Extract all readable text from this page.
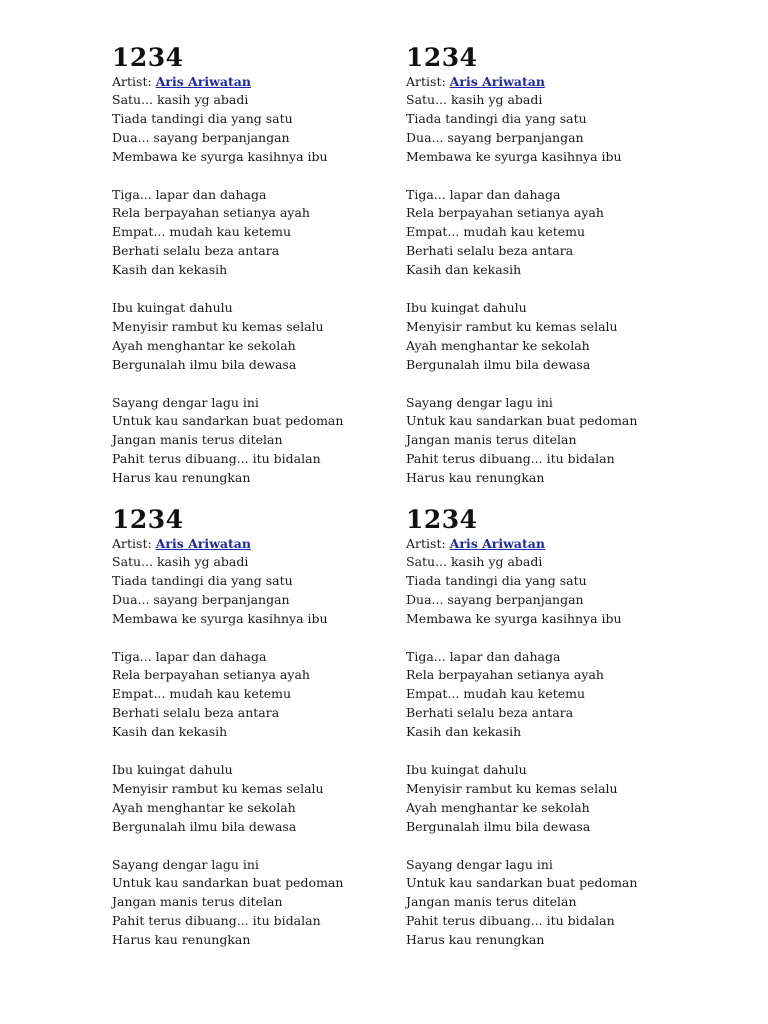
1234
Artist: Aris Ariwatan
Satu... kasih yg abadi
Tiada tandingi dia yang satu
Dua... sayang berpanjangan
Membawa ke syurga kasihnya ibu
Tiga... lapar dan dahaga
Rela berpayahan setianya ayah
Empat... mudah kau ketemu
Berhati selalu beza antara
Kasih dan kekasih
Ibu kuingat dahulu
Menyisir rambut ku kemas selalu
Ayah menghantar ke sekolah
Bergunalah ilmu bila dewasa
Sayang dengar lagu ini
Untuk kau sandarkan buat pedoman
Jangan manis terus ditelan
Pahit terus dibuang... itu bidalan
Harus kau renungkan
1234
Artist: Aris Ariwatan
Satu... kasih yg abadi
Tiada tandingi dia yang satu
Dua... sayang berpanjangan
Membawa ke syurga kasihnya ibu
Tiga... lapar dan dahaga
Rela berpayahan setianya ayah
Empat... mudah kau ketemu
Berhati selalu beza antara
Kasih dan kekasih
Ibu kuingat dahulu
Menyisir rambut ku kemas selalu
Ayah menghantar ke sekolah
Bergunalah ilmu bila dewasa
Sayang dengar lagu ini
Untuk kau sandarkan buat pedoman
Jangan manis terus ditelan
Pahit terus dibuang... itu bidalan
Harus kau renungkan
1234
Artist: Aris Ariwatan
Satu... kasih yg abadi
Tiada tandingi dia yang satu
Dua... sayang berpanjangan
Membawa ke syurga kasihnya ibu
Tiga... lapar dan dahaga
Rela berpayahan setianya ayah
Empat... mudah kau ketemu
Berhati selalu beza antara
Kasih dan kekasih
Ibu kuingat dahulu
Menyisir rambut ku kemas selalu
Ayah menghantar ke sekolah
Bergunalah ilmu bila dewasa
Sayang dengar lagu ini
Untuk kau sandarkan buat pedoman
Jangan manis terus ditelan
Pahit terus dibuang... itu bidalan
Harus kau renungkan
1234
Artist: Aris Ariwatan
Satu... kasih yg abadi
Tiada tandingi dia yang satu
Dua... sayang berpanjangan
Membawa ke syurga kasihnya ibu
Tiga... lapar dan dahaga
Rela berpayahan setianya ayah
Empat... mudah kau ketemu
Berhati selalu beza antara
Kasih dan kekasih
Ibu kuingat dahulu
Menyisir rambut ku kemas selalu
Ayah menghantar ke sekolah
Bergunalah ilmu bila dewasa
Sayang dengar lagu ini
Untuk kau sandarkan buat pedoman
Jangan manis terus ditelan
Pahit terus dibuang... itu bidalan
Harus kau renungkan
